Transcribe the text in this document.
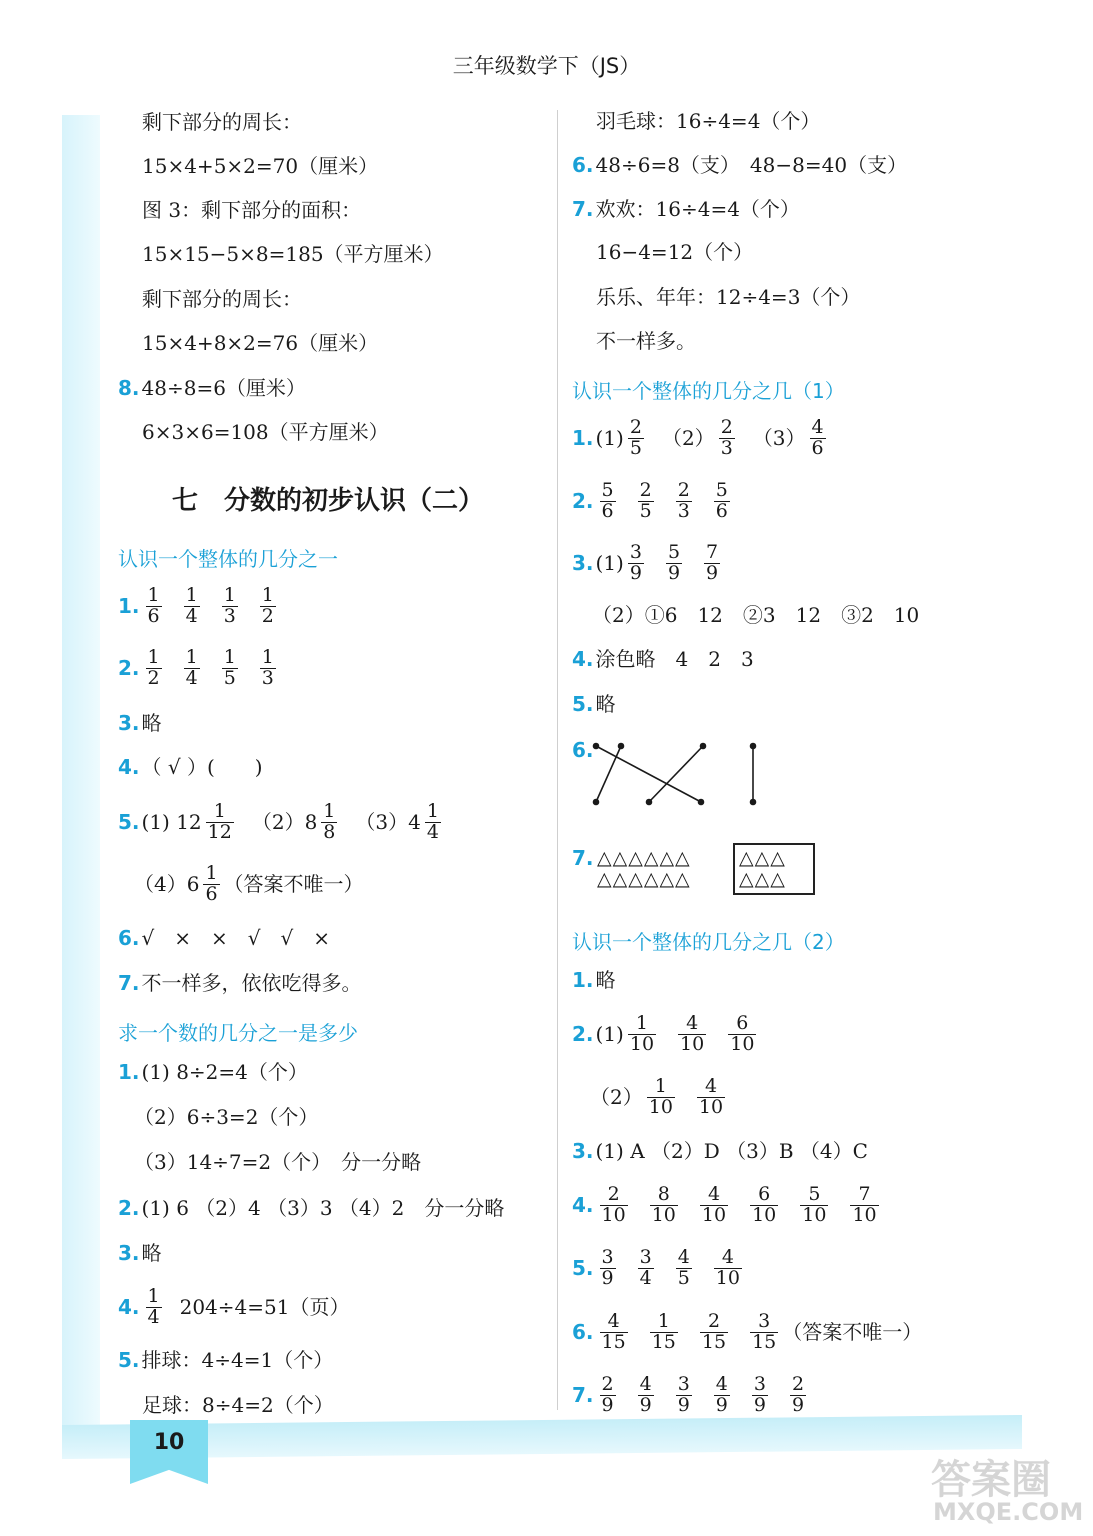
10
三年级数学下（JS）
剩下部分的周长：
15×4+5×2=70（厘米）
图 3：剩下部分的面积：
15×15−5×8=185（平方厘米）
剩下部分的周长：
15×4+8×2=76（厘米）
8. 48÷8=6（厘米）
6×3×6=108（平方厘米）
七　分数的初步认识（二）
认识一个整体的几分之一
1. $\frac{1}{6} \frac{1}{4} \frac{1}{3} \frac{1}{2}$
2. $\frac{1}{2} \frac{1}{4} \frac{1}{5} \frac{1}{3}$
3. 略
4. （ √ ）(　　)
5. (1) $12 \frac{1}{12} (2)8 \frac{1}{8} (3)4 \frac{1}{4}$
$(4)6 \frac{1}{6}$ （答案不唯一）
6. √　×　×　√　√　×
7. 不一样多，依依吃得多。
求一个数的几分之一是多少
1. (1) 8÷2=4（个）
（2）6÷3=2（个）
（3）14÷7=2（个）　分一分略
2. (1) 6 （2）4 （3）3 （4）2　分一分略
3. 略
4. $\frac{1}{4} 204\div 4=51$（页）
5. 排球：4÷4=1（个）
足球：8÷4=2（个）
羽毛球：16÷4=4（个）
6. 48÷6=8（支）　48−8=40（支）
7. 欢欢：16÷4=4（个）
16−4=12（个）
乐乐、年年：12÷4=3（个）
不一样多。
认识一个整体的几分之几（1）
1. $(1) \frac{2}{5} (2) \frac{2}{3} (3) \frac{4}{6}$
2. $\frac{5}{6} \frac{2}{5} \frac{2}{3} \frac{5}{6}$
3. $(1) \frac{3}{9} \frac{5}{9} \frac{7}{9}$
（2）①6　12　②3　12　③2　10
4. 涂色略　4　2　3
5. 略
6.
7. △△△△△△
△△△△△△
△△△
△△△
认识一个整体的几分之几（2）
1. 略
2. $(1) \frac{1}{10} \frac{4}{10} \frac{6}{10}$
$(2) \frac{1}{10} \frac{4}{10}$
3. (1) A （2）D （3）B （4）C
4. $\frac{2}{10} \frac{8}{10} \frac{4}{10} \frac{6}{10} \frac{5}{10} \frac{7}{10}$
5. $\frac{3}{9} \frac{3}{4} \frac{4}{5} \frac{4}{10}$
6. $\frac{4}{15} \frac{1}{15} \frac{2}{15} \frac{3}{15}$ （答案不唯一）
7. $\frac{2}{9} \frac{4}{9} \frac{3}{9} \frac{4}{9} \frac{3}{9} \frac{2}{9}$
答案圈
MXQE.COM
